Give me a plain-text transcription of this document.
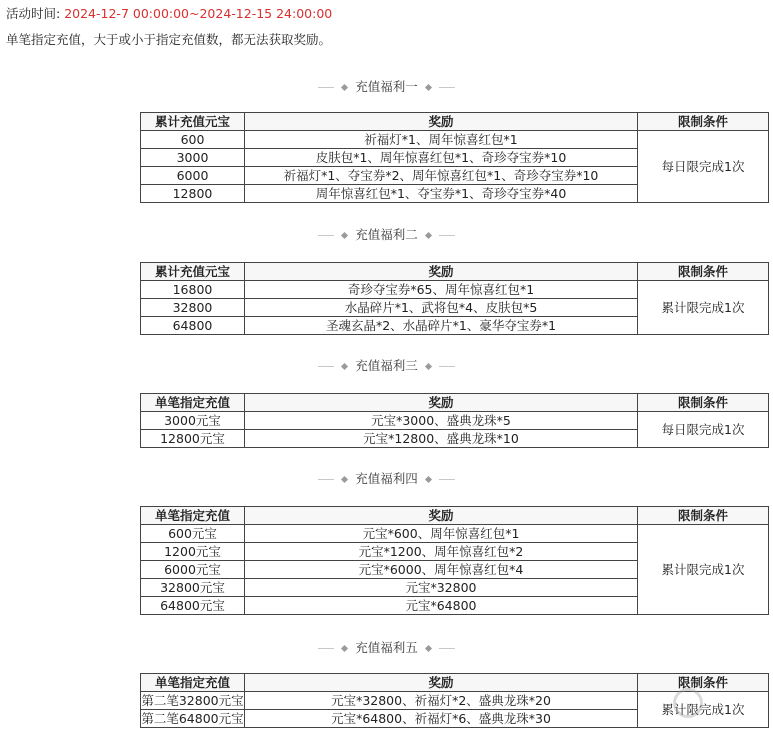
活动时间: 2024-12-7 00:00:00~2024-12-15 24:00:00
单笔指定充值，大于或小于指定充值数，都无法获取奖励。
充值福利一
累计充值元宝	奖励	限制条件
600	祈福灯*1、周年惊喜红包*1	每日限完成1次
3000	皮肤包*1、周年惊喜红包*1、奇珍夺宝券*10	
6000	祈福灯*1、夺宝券*2、周年惊喜红包*1、奇珍夺宝券*10	
12800	周年惊喜红包*1、夺宝券*1、奇珍夺宝券*40	
充值福利二
累计充值元宝	奖励	限制条件
16800	奇珍夺宝券*65、周年惊喜红包*1	累计限完成1次
32800	水晶碎片*1、武将包*4、皮肤包*5	
64800	圣魂玄晶*2、水晶碎片*1、豪华夺宝券*1	
充值福利三
单笔指定充值	奖励	限制条件
3000元宝	元宝*3000、盛典龙珠*5	每日限完成1次
12800元宝	元宝*12800、盛典龙珠*10	
充值福利四
单笔指定充值	奖励	限制条件
600元宝	元宝*600、周年惊喜红包*1	累计限完成1次
1200元宝	元宝*1200、周年惊喜红包*2	
6000元宝	元宝*6000、周年惊喜红包*4	
32800元宝	元宝*32800	
64800元宝	元宝*64800	
充值福利五
单笔指定充值	奖励	限制条件
第二笔32800元宝	元宝*32800、祈福灯*2、盛典龙珠*20	累计限完成1次
第二笔64800元宝	元宝*64800、祈福灯*6、盛典龙珠*30	
